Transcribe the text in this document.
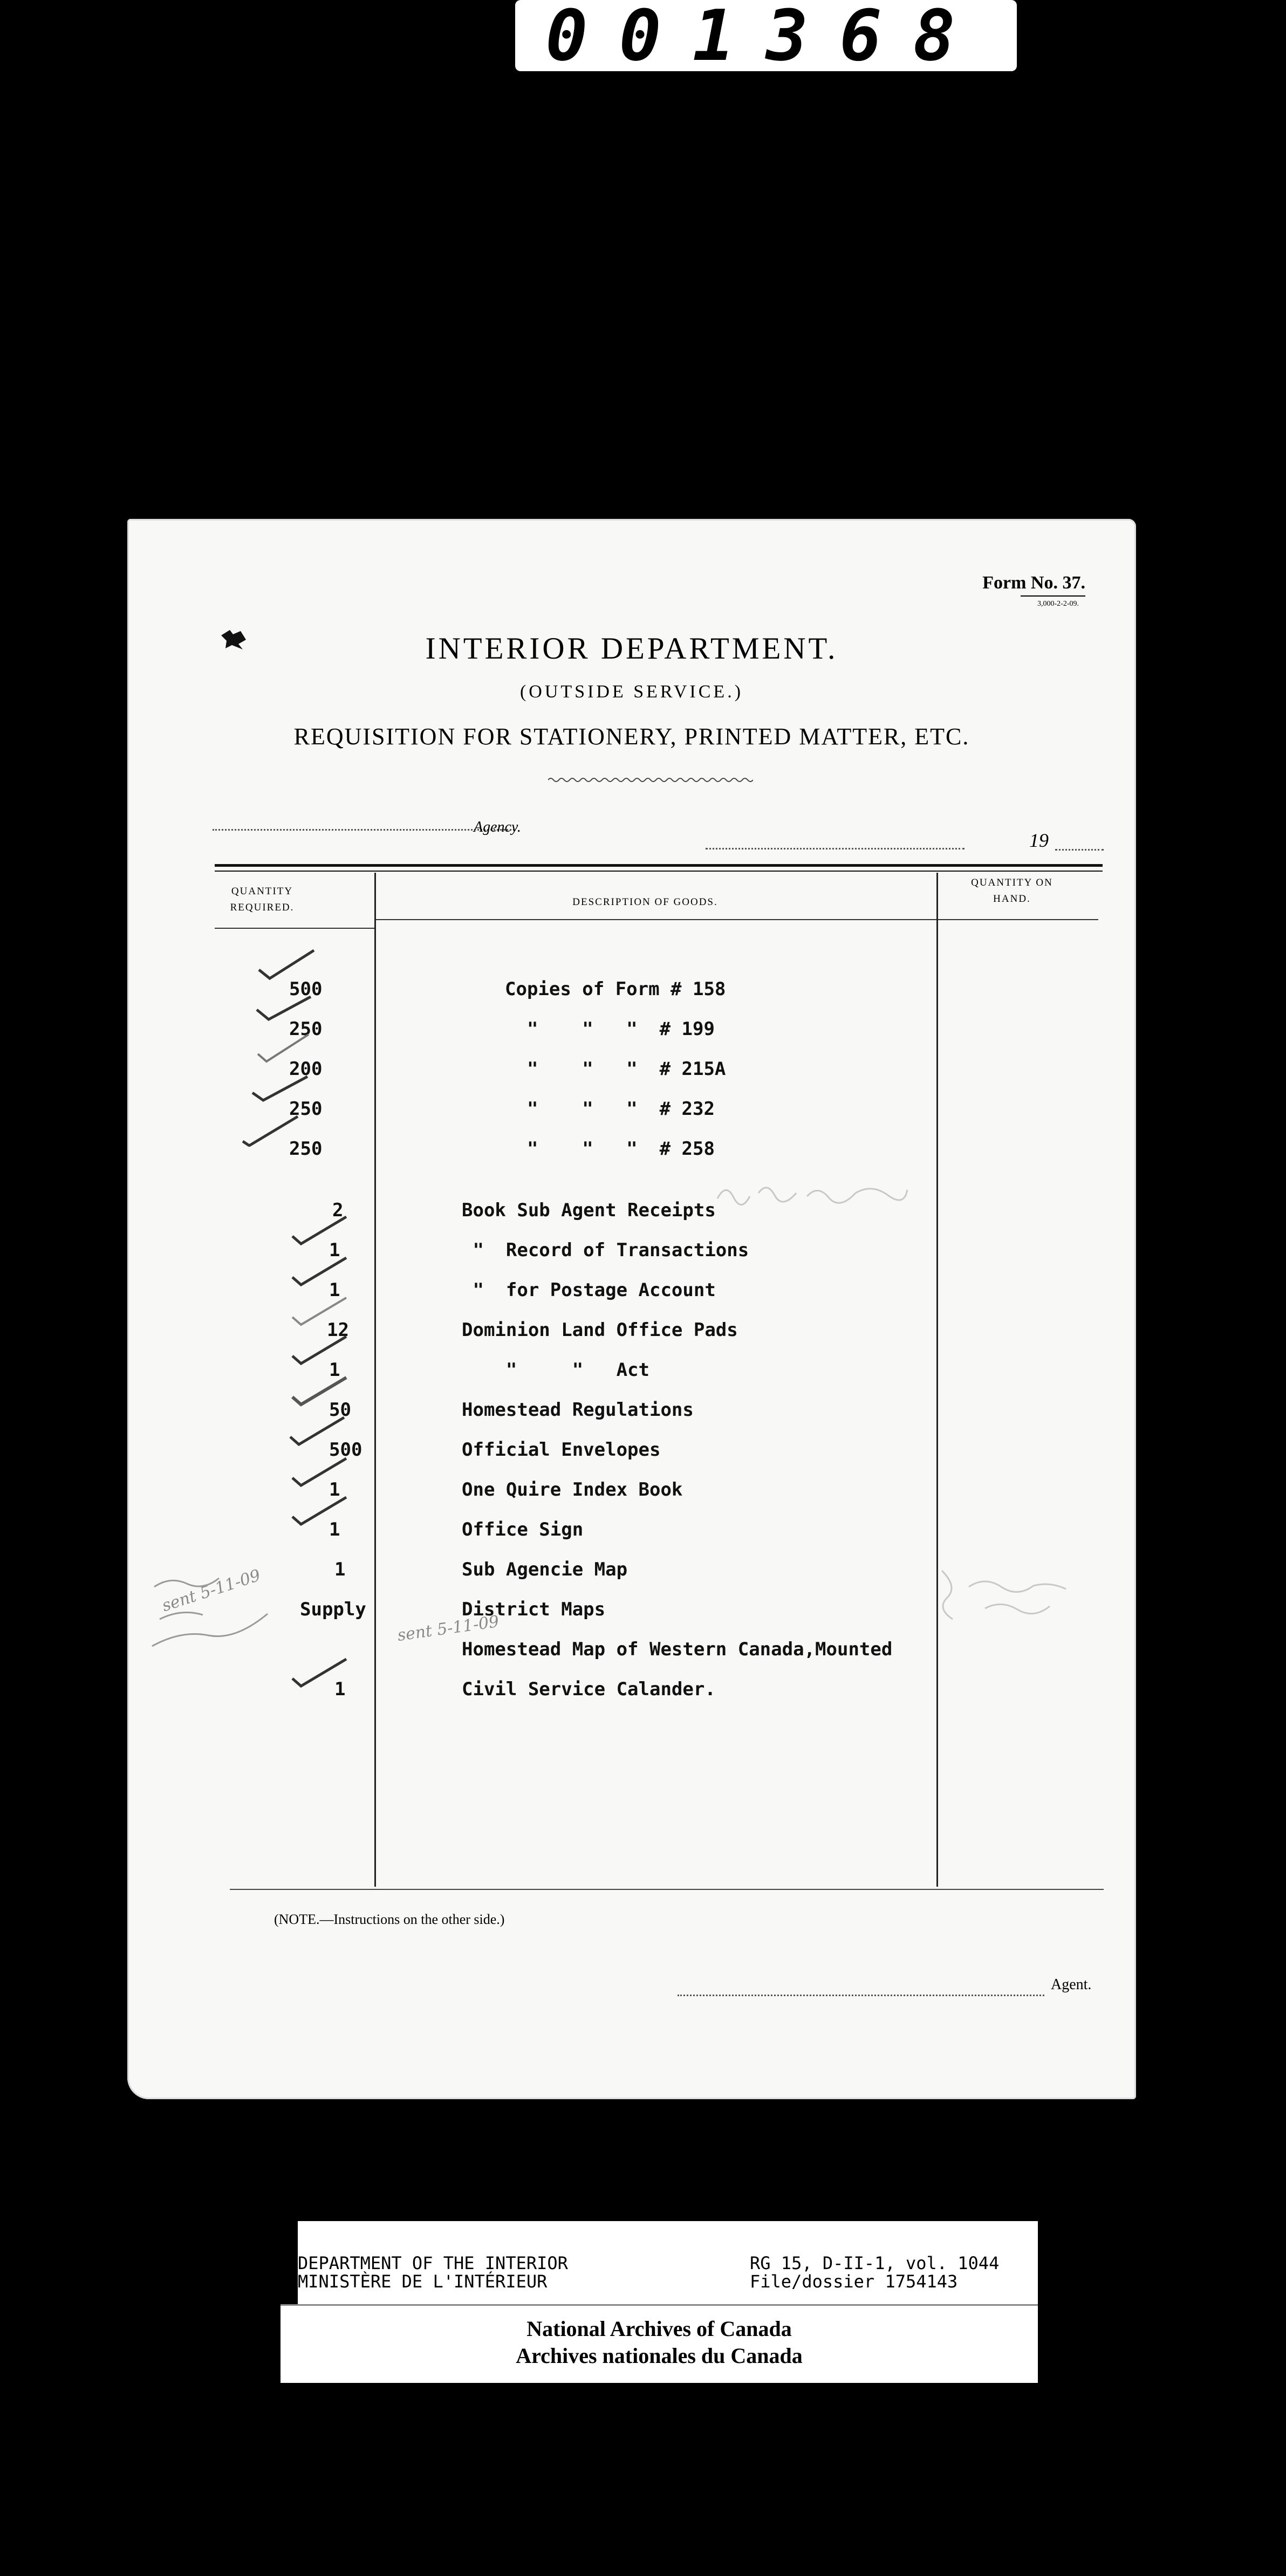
001368
Form No. 37.
3,000-2-2-09.
INTERIOR DEPARTMENT.
(OUTSIDE SERVICE.)
REQUISITION FOR STATIONERY, PRINTED MATTER, ETC.
Agency.
19
QUANTITY REQUIRED.	DESCRIPTION OF GOODS.
QUANTITY ON HAND.
500	Copies of Form # 158
250	"    "   "  # 199
200	"    "   "  # 215A
250	"    "   "  # 232
250	"    "   "  # 258
2	Book Sub Agent Receipts
1	"  Record of Transactions
1	"  for Postage Account
12	Dominion Land Office Pads
1	"     "   Act
50	Homestead Regulations
500	Official Envelopes
1	One Quire Index Book
1	Office Sign
1	Sub Agencie Map
Supply	District Maps
Homestead Map of Western Canada,Mounted
1	Civil Service Calander.
sent 5-11-09
sent 5-11-09
(NOTE.—Instructions on the other side.)
Agent.
DEPARTMENT OF THE INTERIOR
MINISTÈRE DE L'INTÉRIEUR
RG 15, D-II-1, vol. 1044
File/dossier 1754143
National Archives of Canada
Archives nationales du Canada
